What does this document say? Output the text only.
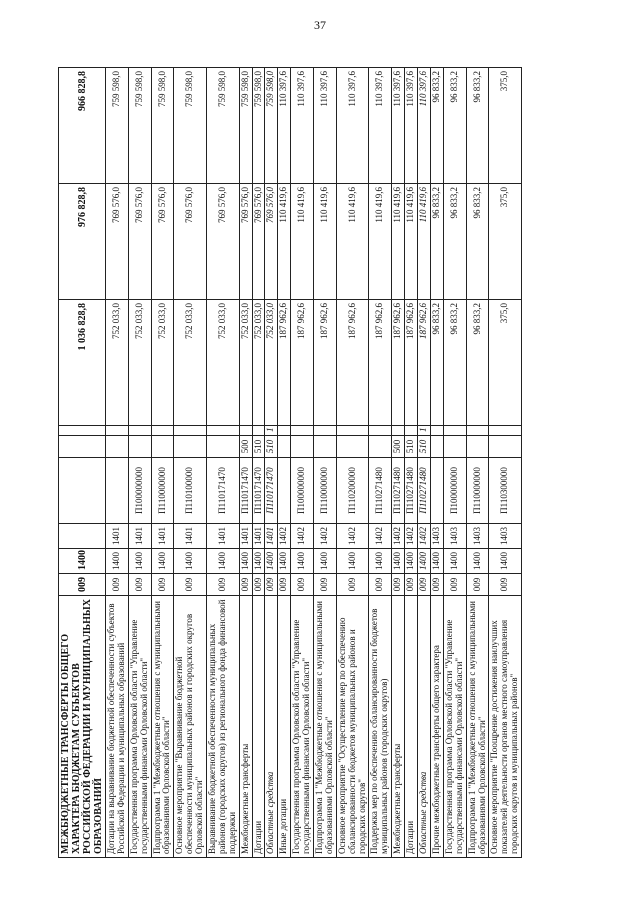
37
МЕЖБЮДЖЕТНЫЕ ТРАНСФЕРТЫ ОБЩЕГО ХАРАКТЕРА БЮДЖЕТАМ СУБЪЕКТОВ РОССИЙСКОЙ ФЕДЕРАЦИИ И МУНИЦИПАЛЬНЫХ ОБРАЗОВАНИЙ	009	1400					1 036 828,8	976 828,8	966 828,8
Дотации на выравнивание бюджетной обеспеченности субъектов Российской Федерации и муниципальных образований	009	1400	1401				752 033,0	769 576,0	759 598,0
Государственная программа Орловской области "Управление государственными финансами Орловской области"	009	1400	1401	П100000000			752 033,0	769 576,0	759 598,0
Подпрограмма 1 "Межбюджетные отношения с муниципальными образованиями Орловской области"	009	1400	1401	П110000000			752 033,0	769 576,0	759 598,0
Основное мероприятие "Выравнивание бюджетной обеспеченности муниципальных районов и городских округов Орловской области"	009	1400	1401	П110100000			752 033,0	769 576,0	759 598,0
Выравнивание бюджетной обеспеченности муниципальных районов (городских округов) из регионального фонда финансовой поддержки	009	1400	1401	П110171470			752 033,0	769 576,0	759 598,0
Межбюджетные трансферты	009	1400	1401	П110171470	500		752 033,0	769 576,0	759 598,0
Дотации	009	1400	1401	П110171470	510		752 033,0	769 576,0	759 598,0
Областные средства	009	1400	1401	П110171470	510	1	752 033,0	769 576,0	759 598,0
Иные дотации	009	1400	1402				187 962,6	110 419,6	110 397,6
Государственная программа Орловской области "Управление государственными финансами Орловской области"	009	1400	1402	П100000000			187 962,6	110 419,6	110 397,6
Подпрограмма 1 "Межбюджетные отношения с муниципальными образованиями Орловской области"	009	1400	1402	П110000000			187 962,6	110 419,6	110 397,6
Основное мероприятие "Осуществление мер по обеспечению сбалансированности бюджетов муниципальных районов и городских округов"	009	1400	1402	П110200000			187 962,6	110 419,6	110 397,6
Поддержка мер по обеспечению сбалансированности бюджетов муниципальных районов (городских округов)	009	1400	1402	П110271480			187 962,6	110 419,6	110 397,6
Межбюджетные трансферты	009	1400	1402	П110271480	500		187 962,6	110 419,6	110 397,6
Дотации	009	1400	1402	П110271480	510		187 962,6	110 419,6	110 397,6
Областные средства	009	1400	1402	П110271480	510	1	187 962,6	110 419,6	110 397,6
Прочие межбюджетные трансферты общего характера	009	1400	1403				96 833,2	96 833,2	96 833,2
Государственная программа Орловской области "Управление государственными финансами Орловской области"	009	1400	1403	П100000000			96 833,2	96 833,2	96 833,2
Подпрограмма 1 "Межбюджетные отношения с муниципальными образованиями Орловской области"	009	1400	1403	П110000000			96 833,2	96 833,2	96 833,2
Основное мероприятие "Поощрение достижения наилучших показателей деятельности органов местного самоуправления городских округов и муниципальных районов"	009	1400	1403	П110300000			375,0	375,0	375,0
